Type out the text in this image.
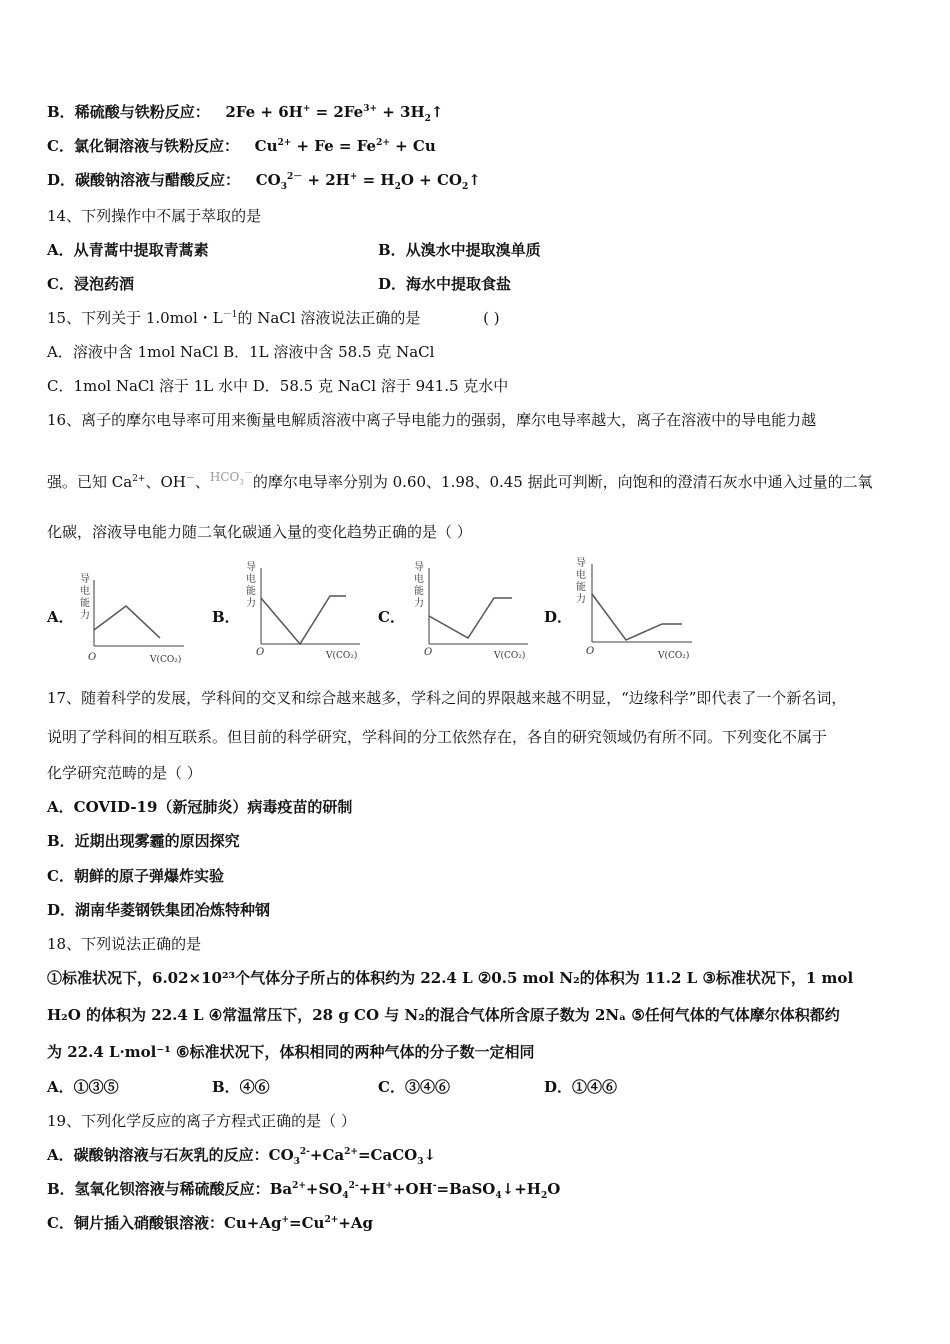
B．稀硫酸与铁粉反应：   $2Fe + 6H^+ = 2Fe^{3+}$ + $3H_2↑$
C．氯化铜溶液与铁粉反应：   $Cu^{2+} + Fe = Fe^{2+} + Cu$
D．碳酸钠溶液与醋酸反应：   $CO_3^{2-} + 2H^+ = H_2O$ + $CO_2↑$
14、下列操作中不属于萃取的是
A．从青蒿中提取青蒿素	B．从溴水中提取溴单质
C．浸泡药酒	D．海水中提取食盐
15、下列关于 1.0mol・$L^{-1}$的 NaCl 溶液说法正确的是	( )
A．溶液中含 1mol NaCl B．1L 溶液中含 58.5 克 NaCl
C．1mol NaCl 溶于 1L 水中 D．58.5 克 NaCl 溶于 941.5 克水中
16、离子的摩尔电导率可用来衡量电解质溶液中离子导电能力的强弱，摩尔电导率越大，离子在溶液中的导电能力越
强。已知 $Ca^{2+}$、OH－、$^{HCO_3^-}$的摩尔电导率分别为 0.60、1.98、0.45 据此可判断，向饱和的澄清石灰水中通入过量的二氧
化碳，溶液导电能力随二氧化碳通入量的变化趋势正确的是（ ）
A．	B．	C．	D．
导
电
能
力
O	V(CO₂)
导
电
能
力
O	V(CO₂)
导
电
能
力
O	V(CO₂)
导
电
能
力
O	V(CO₂)
17、随着科学的发展，学科间的交叉和综合越来越多，学科之间的界限越来越不明显，“边缘科学”即代表了一个新名词，
说明了学科间的相互联系。但目前的科学研究，学科间的分工依然存在，各自的研究领域仍有所不同。下列变化不属于
化学研究范畴的是（ ）
A．COVID-19（新冠肺炎）病毒疫苗的研制
B．近期出现雾霾的原因探究
C．朝鲜的原子弹爆炸实验
D．湖南华菱钢铁集团冶炼特种钢
18、下列说法正确的是
①标准状况下，6.02×10²³个气体分子所占的体积约为 22.4 L ②0.5 mol N₂的体积为 11.2 L ③标准状况下，1 mol
H₂O 的体积为 22.4 L ④常温常压下，28 g CO 与 N₂的混合气体所含原子数为 2Nₐ ⑤任何气体的气体摩尔体积都约
为 22.4 L·mol⁻¹ ⑥标准状况下，体积相同的两种气体的分子数一定相同
A．①③⑤	B．④⑥	C．③④⑥	D．①④⑥
19、下列化学反应的离子方程式正确的是（ ）
A．碳酸钠溶液与石灰乳的反应：$CO_3^{2-}+Ca^{2+}=CaCO_3↓$
B．氢氧化钡溶液与稀硫酸反应：$Ba^{2+}+SO_4^{2-}+H^++OH^-=BaSO_4↓+H_2O$
C．铜片插入硝酸银溶液：$Cu+Ag^+=Cu^{2+}+Ag$
